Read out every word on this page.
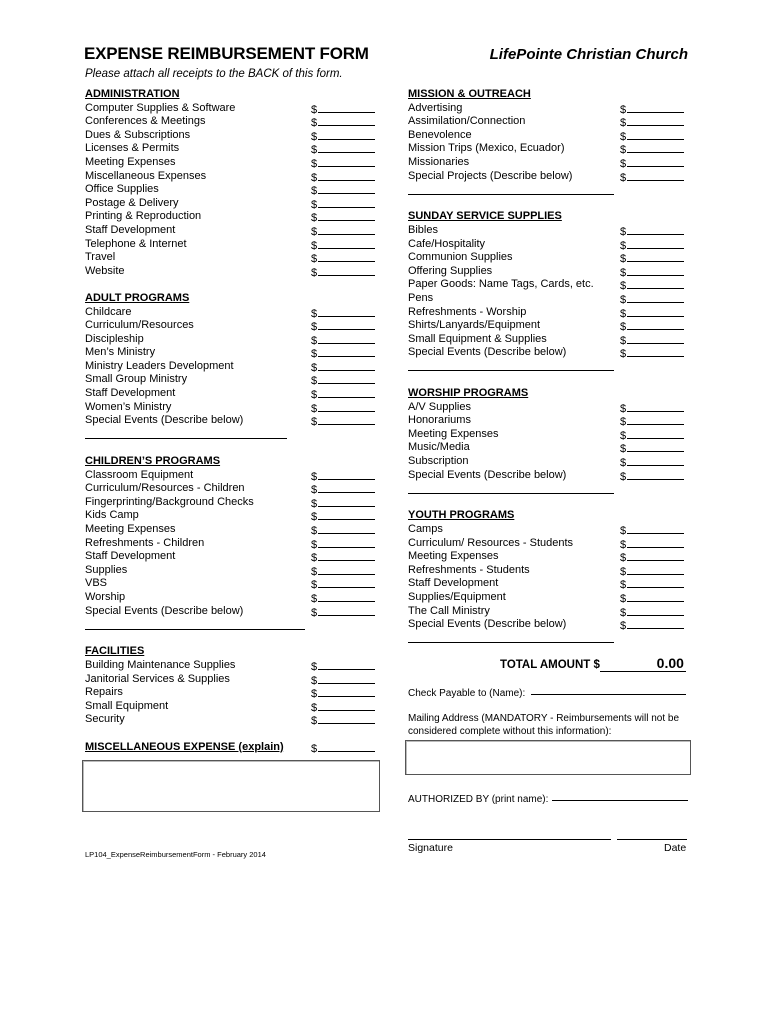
EXPENSE REIMBURSEMENT FORM	LifePointe Christian Church
Please attach all receipts to the BACK of this form.
ADMINISTRATION
Computer Supplies & Software	$
Conferences & Meetings	$
Dues & Subscriptions	$
Licenses & Permits	$
Meeting Expenses	$
Miscellaneous Expenses	$
Office Supplies	$
Postage & Delivery	$
Printing & Reproduction	$
Staff Development	$
Telephone & Internet	$
Travel	$
Website	$
ADULT PROGRAMS
Childcare	$
Curriculum/Resources	$
Discipleship	$
Men’s Ministry	$
Ministry Leaders Development	$
Small Group Ministry	$
Staff Development	$
Women’s Ministry	$
Special Events (Describe below)	$
CHILDREN’S PROGRAMS
Classroom Equipment	$
Curriculum/Resources - Children	$
Fingerprinting/Background Checks	$
Kids Camp	$
Meeting Expenses	$
Refreshments - Children	$
Staff Development	$
Supplies	$
VBS	$
Worship	$
Special Events (Describe below)	$
FACILITIES
Building Maintenance Supplies	$
Janitorial Services & Supplies	$
Repairs	$
Small Equipment	$
Security	$
MISCELLANEOUS EXPENSE (explain) $
MISSION & OUTREACH
Advertising	$
Assimilation/Connection	$
Benevolence	$
Mission Trips (Mexico, Ecuador)	$
Missionaries	$
Special Projects (Describe below)	$
SUNDAY SERVICE SUPPLIES
Bibles	$
Cafe/Hospitality	$
Communion Supplies	$
Offering Supplies	$
Paper Goods: Name Tags, Cards, etc. $
Pens	$
Refreshments - Worship	$
Shirts/Lanyards/Equipment	$
Small Equipment & Supplies	$
Special Events (Describe below)	$
WORSHIP PROGRAMS
A/V Supplies	$
Honorariums	$
Meeting Expenses	$
Music/Media	$
Subscription	$
Special Events (Describe below)	$
YOUTH PROGRAMS
Camps	$
Curriculum/ Resources - Students	$
Meeting Expenses	$
Refreshments - Students	$
Staff Development	$
Supplies/Equipment	$
The Call Ministry	$
Special Events (Describe below)	$
TOTAL AMOUNT $	0.00
Check Payable to (Name):
Mailing Address (MANDATORY - Reimbursements will not be considered complete without this information):
AUTHORIZED BY (print name):
Signature	Date
LP104_ExpenseReimbursementForm - February 2014
